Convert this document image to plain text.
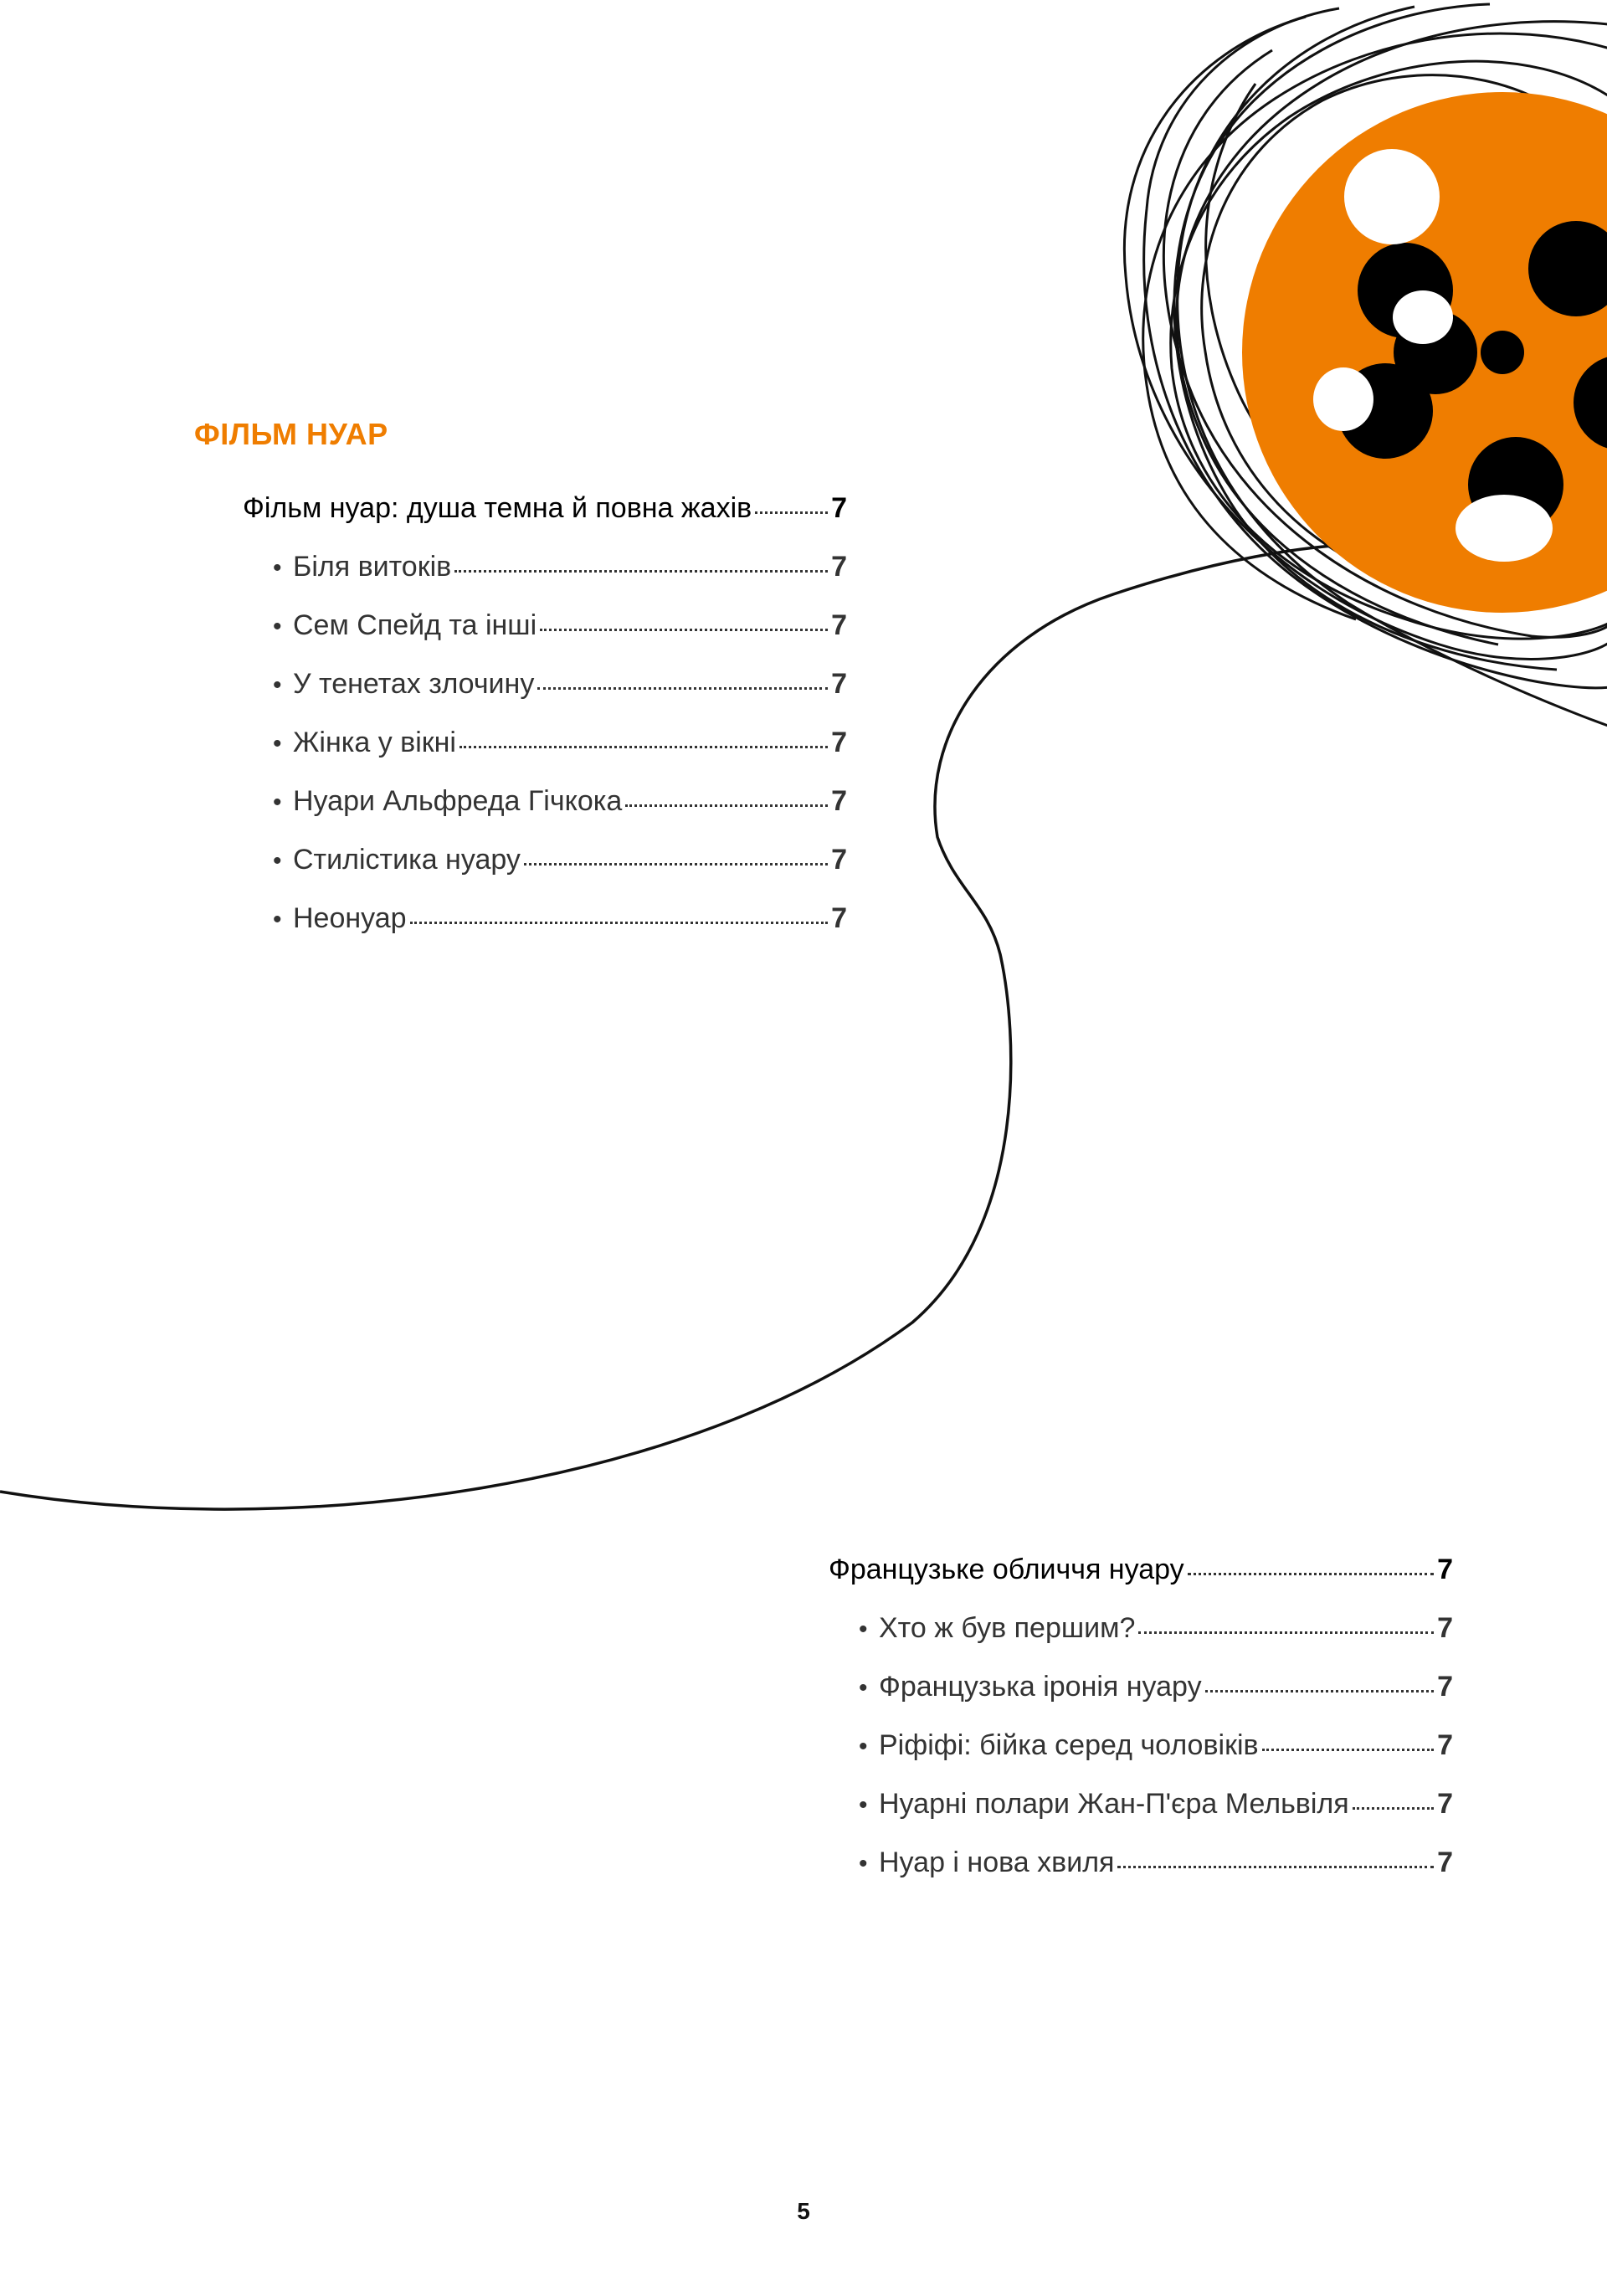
ФІЛЬМ НУАР
Фільм нуар: душа темна й повна жахів	7
• Біля витоків	7
• Сем Спейд та інші	7
• У тенетах злочину	7
• Жінка у вікні	7
• Нуари Альфреда Гічкока	7
• Стилістика нуару	7
• Неонуар	7
Французьке обличчя нуару	7
• Хто ж був першим?	7
• Французька іронія нуару	7
• Ріфіфі: бійка серед чоловіків	7
• Нуарні полари Жан-П'єра Мельвіля	7
• Нуар і нова хвиля	7
5
